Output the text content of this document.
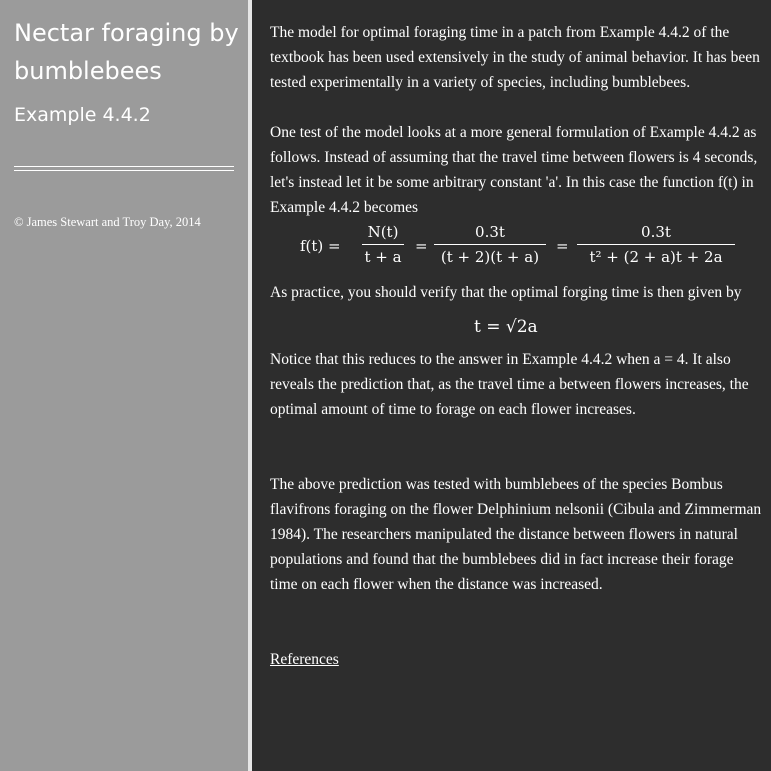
Nectar foraging by bumblebees
Example 4.4.2
© James Stewart and Troy Day, 2014

The model for optimal foraging time in a patch from Example 4.4.2 of the textbook has been used extensively in the study of animal behavior. It has been tested experimentally in a variety of species, including bumblebees.

One test of the model looks at a more general formulation of Example 4.4.2 as follows. Instead of assuming that the travel time between flowers is 4 seconds, let's instead let it be some arbitrary constant 'a'. In this case the function f(t) in Example 4.4.2 becomes

f(t) =
N(t)
t + a
=
0.3t
(t + 2)(t + a)
=
0.3t
t² + (2 + a)t + 2a

As practice, you should verify that the optimal forging time is then given by

t = √2a

Notice that this reduces to the answer in Example 4.4.2 when a = 4. It also reveals the prediction that, as the travel time a between flowers increases, the optimal amount of time to forage on each flower increases.

The above prediction was tested with bumblebees of the species Bombus flavifrons foraging on the flower Delphinium nelsonii (Cibula and Zimmerman 1984). The researchers manipulated the distance between flowers in natural populations and found that the bumblebees did in fact increase their forage time on each flower when the distance was increased.

References
